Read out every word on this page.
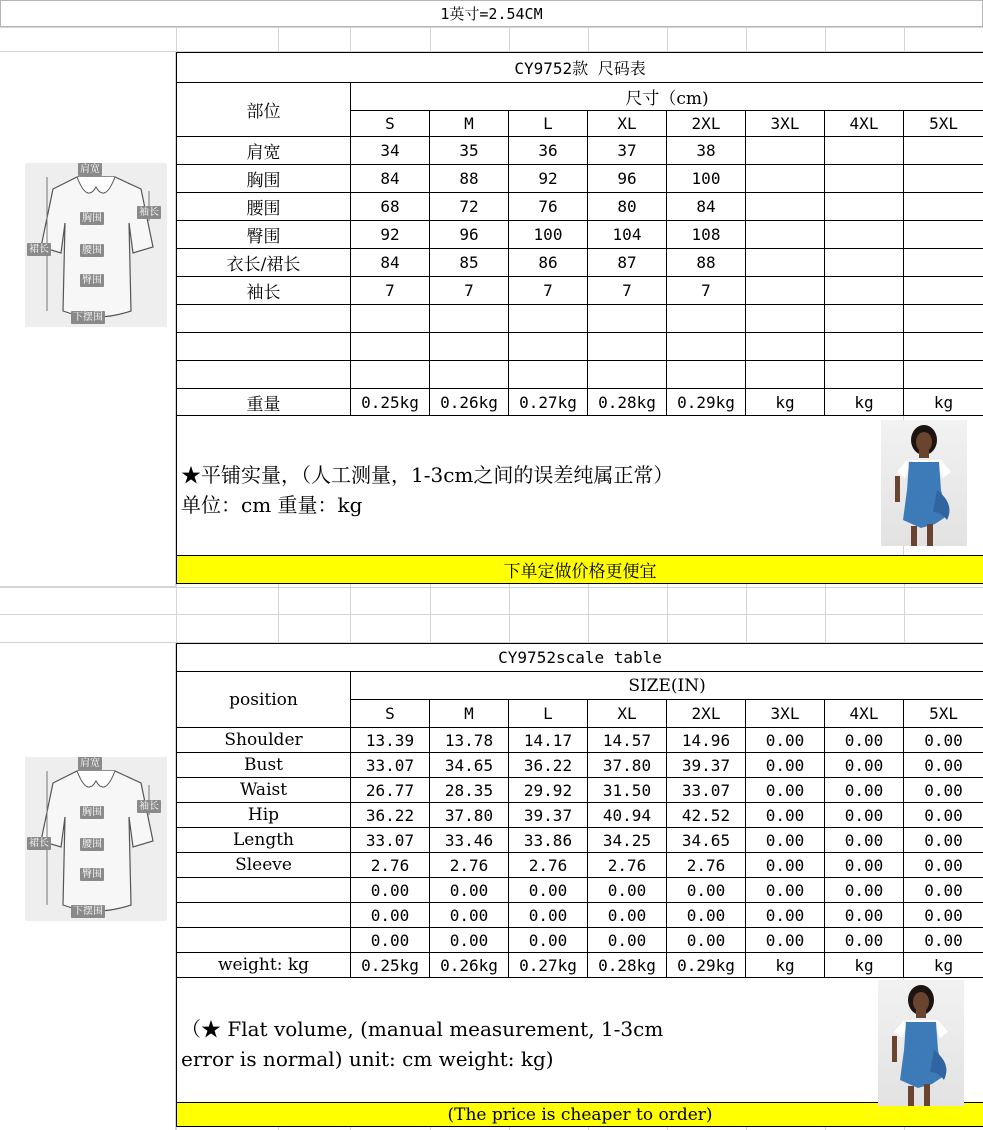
1英寸=2.54CM
肩宽
袖长
胸围
裙长	腰围
臀围
下摆围
肩宽
袖长
胸围
裙长	腰围
臀围
下摆围
CY9752款 尺码表								
部位	尺寸（cm)							
	S	M	L	XL	2XL	3XL	4XL	5XL
肩宽	34	35	36	37	38			
胸围	84	88	92	96	100			
腰围	68	72	76	80	84			
臀围	92	96	100	104	108			
衣长/裙长	84	85	86	87	88			
袖长	7	7	7	7	7			

重量	0.25kg	0.26kg	0.27kg	0.28kg	0.29kg	kg	kg	kg

下单定做价格更便宜								
★平铺实量，（人工测量，1-3cm之间的误差纯属正常）
单位：cm 重量：kg
CY9752scale table								
position	SIZE(IN)							
	S	M	L	XL	2XL	3XL	4XL	5XL
Shoulder	13.39	13.78	14.17	14.57	14.96	0.00	0.00	0.00
Bust	33.07	34.65	36.22	37.80	39.37	0.00	0.00	0.00
Waist	26.77	28.35	29.92	31.50	33.07	0.00	0.00	0.00
Hip	36.22	37.80	39.37	40.94	42.52	0.00	0.00	0.00
Length	33.07	33.46	33.86	34.25	34.65	0.00	0.00	0.00
Sleeve	2.76	2.76	2.76	2.76	2.76	0.00	0.00	0.00
	0.00	0.00	0.00	0.00	0.00	0.00	0.00	0.00
	0.00	0.00	0.00	0.00	0.00	0.00	0.00	0.00
	0.00	0.00	0.00	0.00	0.00	0.00	0.00	0.00
weight: kg	0.25kg	0.26kg	0.27kg	0.28kg	0.29kg	kg	kg	kg

(The price is cheaper to order)								
（★ Flat volume, (manual measurement, 1-3cm
error is normal) unit: cm weight: kg)
